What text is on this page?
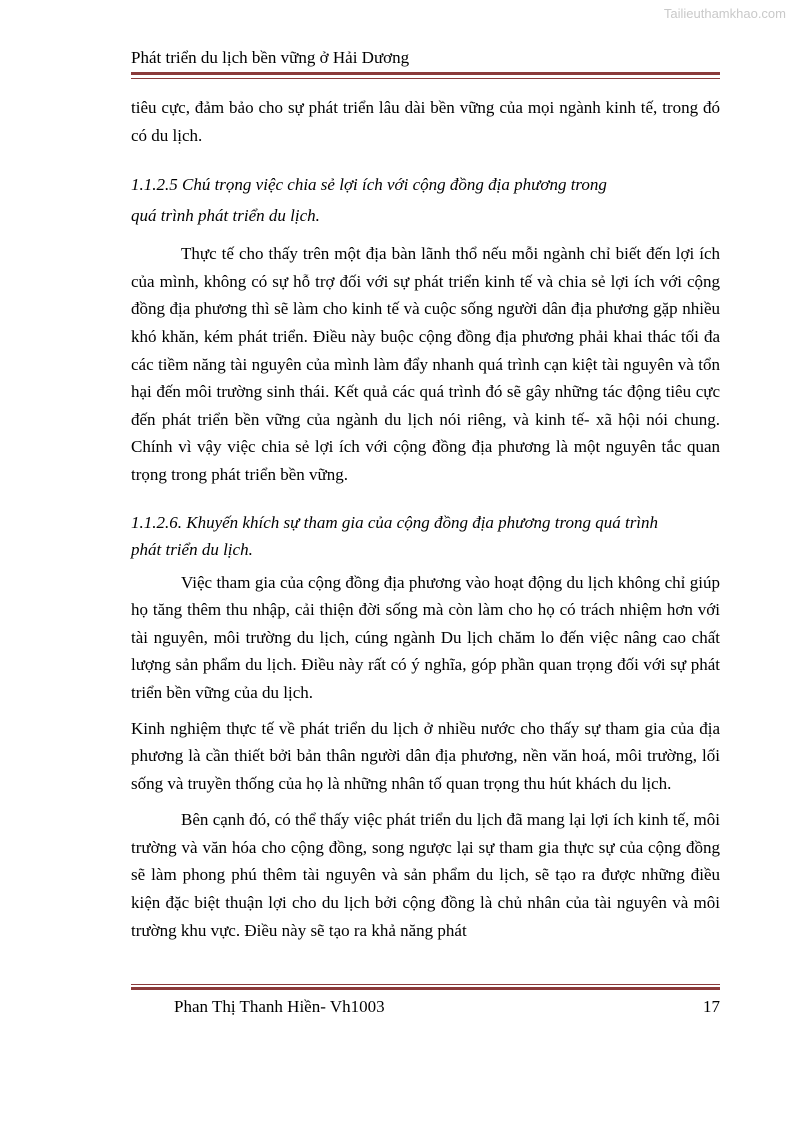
Tailieuthamkhao.com
Phát triển du lịch bền vững ở Hải Dương

tiêu cực, đảm bảo cho sự phát triển lâu dài bền vững của mọi ngành kinh tế, trong đó có du lịch.

1.1.2.5 Chú trọng việc chia sẻ lợi ích với cộng đồng địa phương trong
quá trình phát triển du lịch.

Thực tế cho thấy trên một địa bàn lãnh thổ nếu mỗi ngành chỉ biết đến lợi ích của mình, không có sự hỗ trợ đối với sự phát triển kinh tế và chia sẻ lợi ích với cộng đồng địa phương thì sẽ làm cho kinh tế và cuộc sống người dân địa phương gặp nhiều khó khăn, kém phát triển. Điều này buộc cộng đồng địa phương phải khai thác tối đa các tiềm năng tài nguyên của mình làm đẩy nhanh quá trình cạn kiệt tài nguyên và tổn hại đến môi trường sinh thái. Kết quả các quá trình đó sẽ gây những tác động tiêu cực đến phát triển bền vững của ngành du lịch nói riêng, và kinh tế- xã hội nói chung. Chính vì vậy việc chia sẻ lợi ích với cộng đồng địa phương là một nguyên tắc quan trọng trong phát triển bền vững.

1.1.2.6. Khuyến khích sự tham gia của cộng đồng địa phương trong quá trình
phát triển du lịch.

Việc tham gia của cộng đồng địa phương vào hoạt động du lịch không chỉ giúp họ tăng thêm thu nhập, cải thiện đời sống mà còn làm cho họ có trách nhiệm hơn với tài nguyên, môi trường du lịch, cúng ngành Du lịch chăm lo đến việc nâng cao chất lượng sản phẩm du lịch. Điều này rất có ý nghĩa, góp phần quan trọng đối với sự phát triển bền vững của du lịch.

Kinh nghiệm thực tế về phát triển du lịch ở nhiều nước cho thấy sự tham gia của địa phương là cần thiết bởi bản thân người dân địa phương, nền văn hoá, môi trường, lối sống và truyền thống của họ là những nhân tố quan trọng thu hút khách du lịch.

Bên cạnh đó, có thể thấy việc phát triển du lịch đã mang lại lợi ích kinh tế, môi trường và văn hóa cho cộng đồng, song ngược lại sự tham gia thực sự của cộng đồng sẽ làm phong phú thêm tài nguyên và sản phẩm du lịch, sẽ tạo ra được những điều kiện đặc biệt thuận lợi cho du lịch bởi cộng đồng là chủ nhân của tài nguyên và môi trường khu vực. Điều này sẽ tạo ra khả năng phát

Phan Thị Thanh Hiền- Vh1003	17
